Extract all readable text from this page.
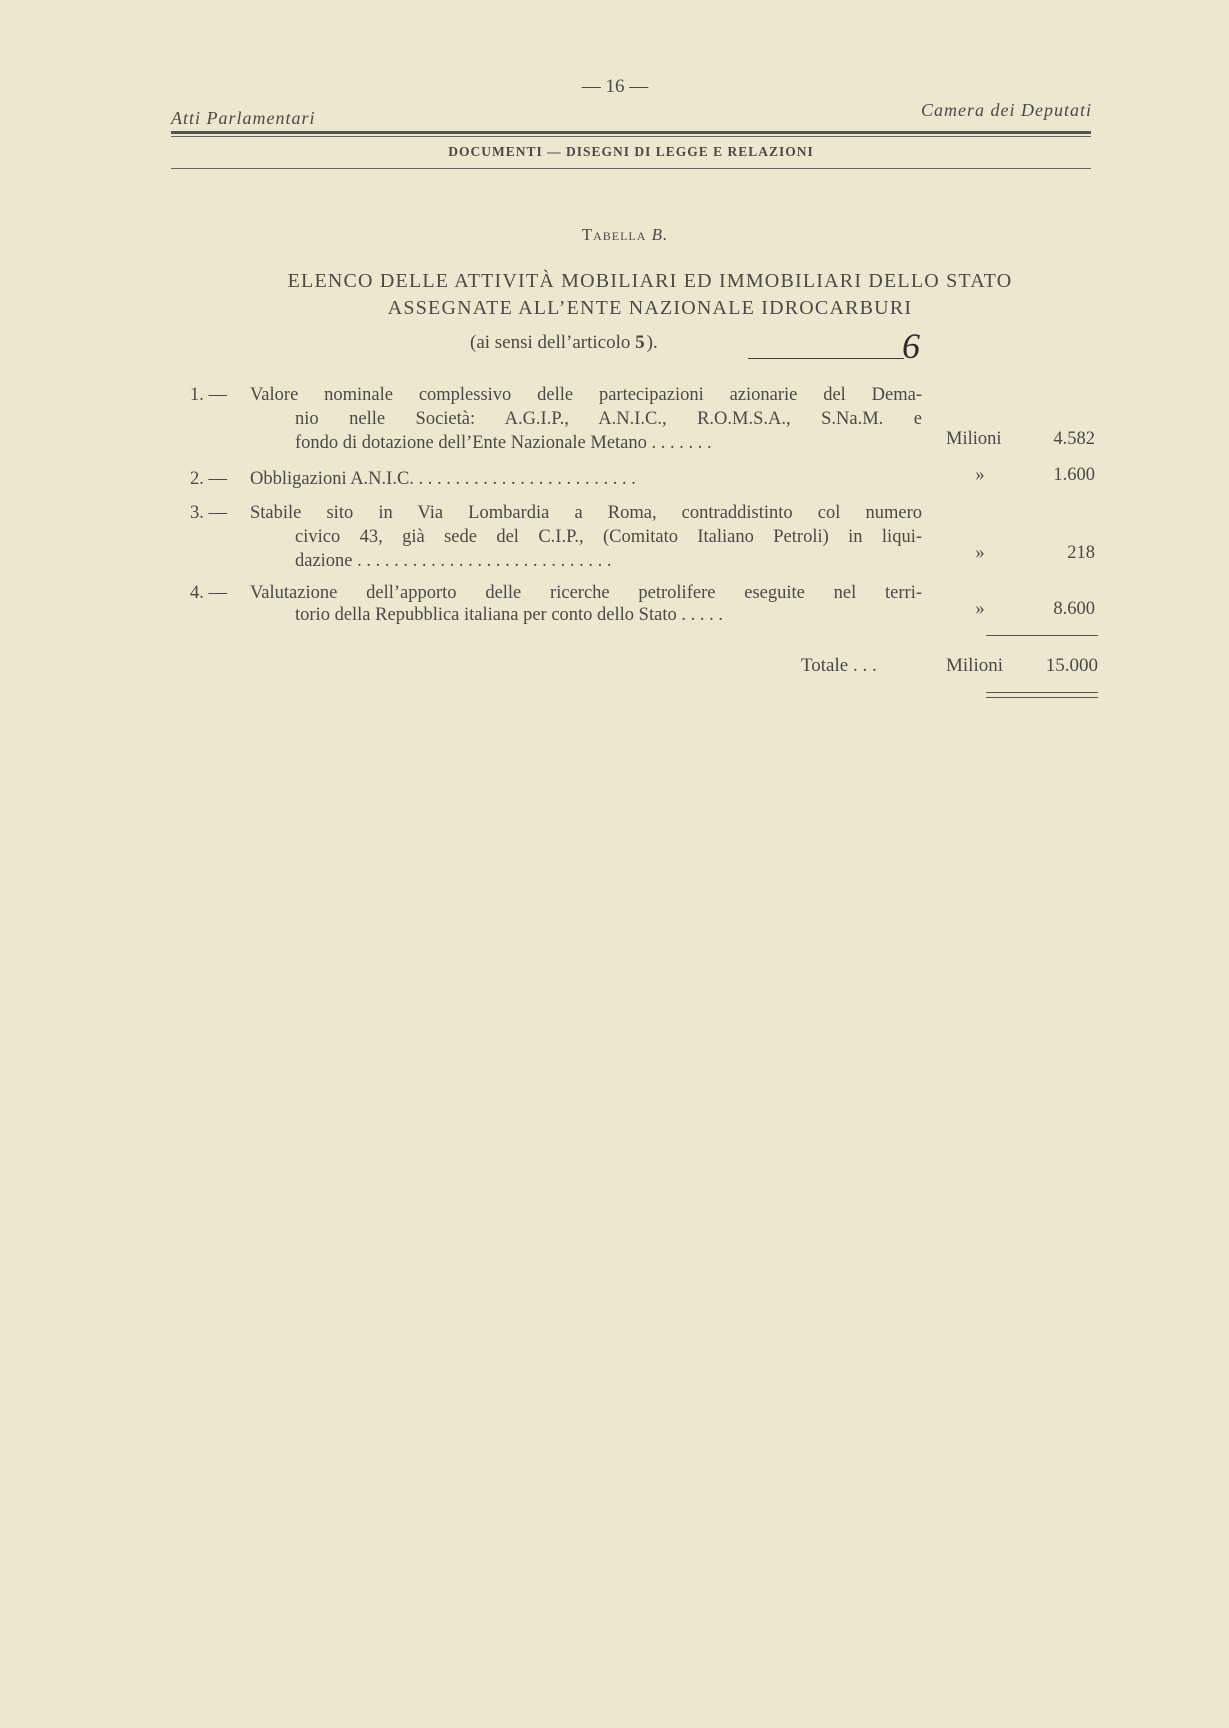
— 16 —
Atti Parlamentari	Camera dei Deputati
DOCUMENTI — DISEGNI DI LEGGE E RELAZIONI
Tabella B.
ELENCO DELLE ATTIVITÀ MOBILIARI ED IMMOBILIARI DELLO STATO
ASSEGNATE ALL’ENTE NAZIONALE IDROCARBURI
(ai sensi dell’articolo 5 ).	6
1. — Valore nominale complessivo delle partecipazioni azionarie del Dema-
nio nelle Società: A.G.I.P., A.N.I.C., R.O.M.S.A., S.Na.M. e
fondo di dotazione dell’Ente Nazionale Metano . . . . . . .	Milioni	4.582
2. — Obbligazioni A.N.I.C. . . . . . . . . . . . . . . . . . . . . . . . .	»	1.600
3. — Stabile sito in Via Lombardia a Roma, contraddistinto col numero
civico 43, già sede del C.I.P., (Comitato Italiano Petroli) in liqui-
dazione . . . . . . . . . . . . . . . . . . . . . . . . . . . .	»	218
4. — Valutazione dell’apporto delle ricerche petrolifere eseguite nel terri-
torio della Repubblica italiana per conto dello Stato . . . . .	»	8.600
Totale . . .	Milioni	15.000
